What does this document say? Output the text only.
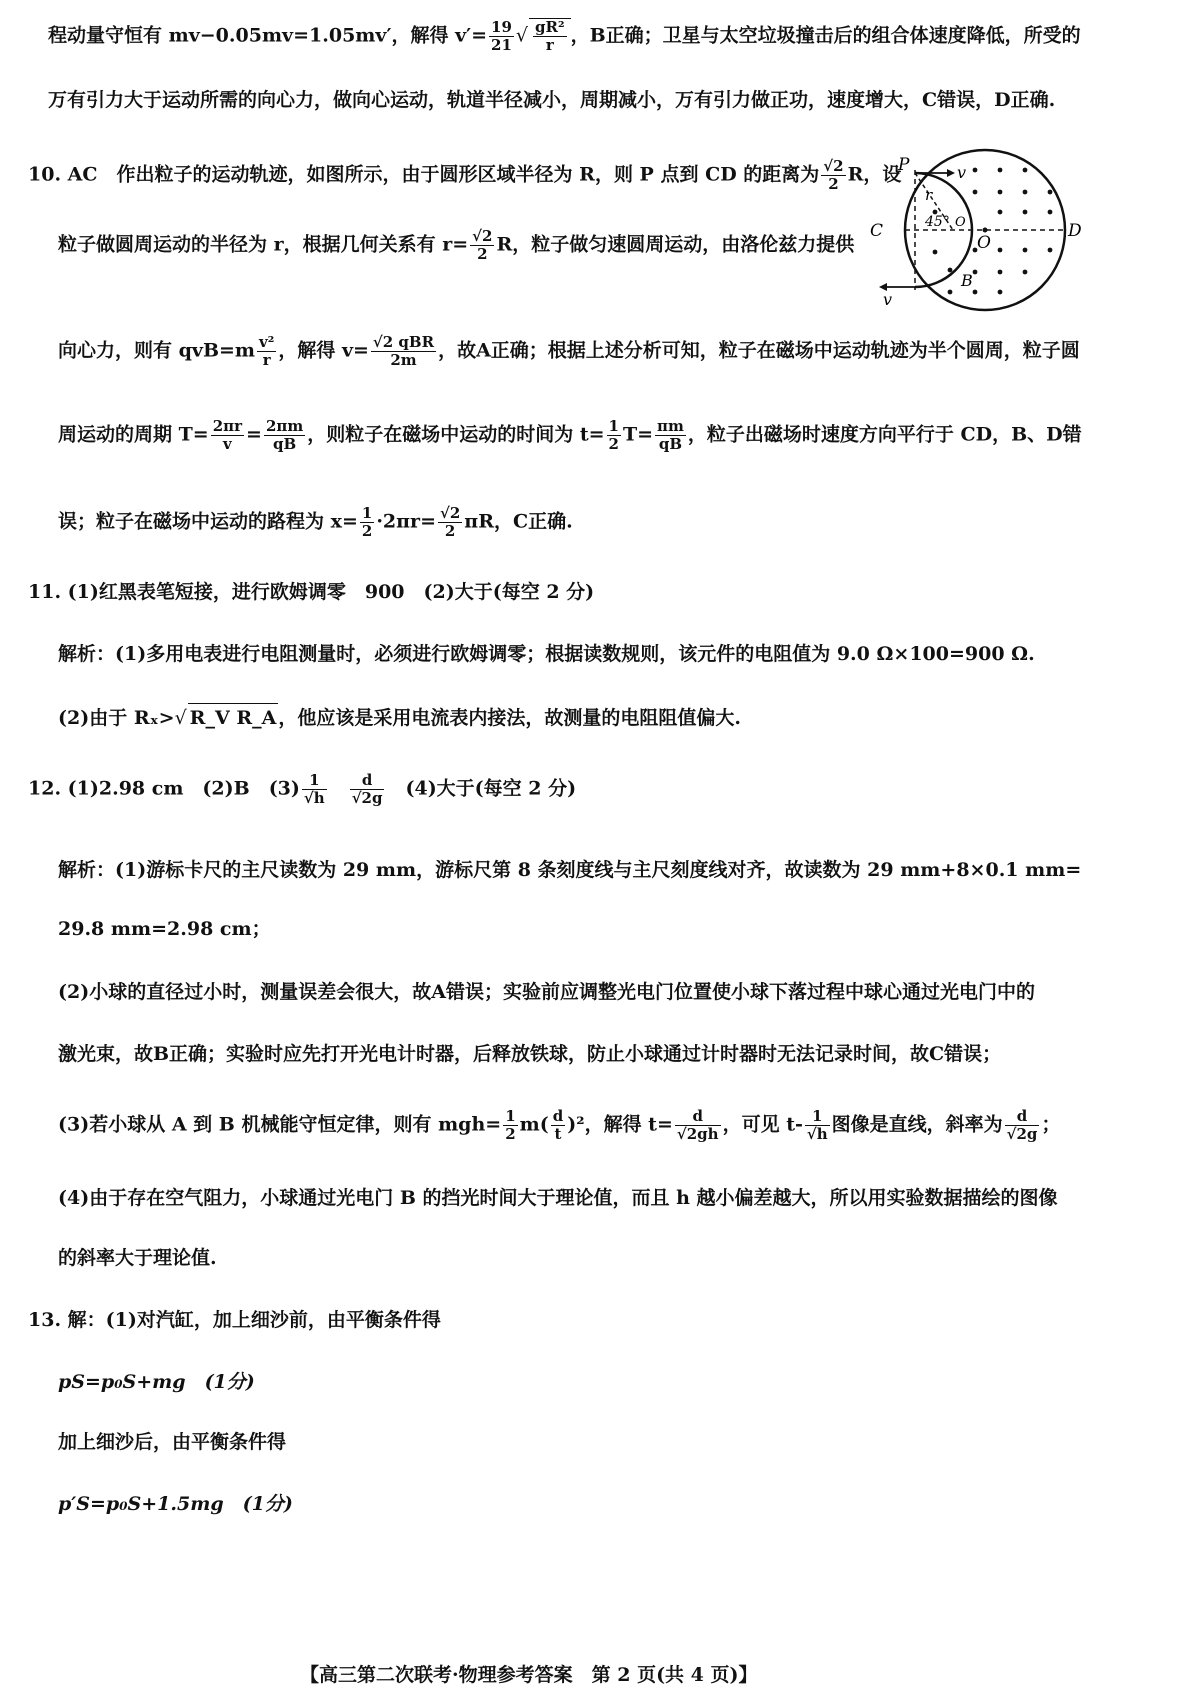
程动量守恒有 mv−0.05mv=1.05mv′，解得 $v'= \frac{19}{21}$ √ $\frac{\text{gR²}}{r}$ ，B正确；卫星与太空垃圾撞击后的组合体速度降低，所受的
万有引力大于运动所需的向心力，做向心运动，轨道半径减小，周期减小，万有引力做正功，速度增大，C错误，D正确.
10. AC　作出粒子的运动轨迹，如图所示，由于圆形区域半径为 R，则 P 点到 CD 的距离为 $\frac{√2}{2}$ R，设
粒子做圆周运动的半径为 r，根据几何关系有 $r= \frac{√2}{2}$ R，粒子做匀速圆周运动，由洛伦兹力提供
向心力，则有 $qvB=m \frac{\text{v²}}{r}$ ，解得 $v= \frac{\text{√2 qBR}}{2m}$ ，故A正确；根据上述分析可知，粒子在磁场中运动轨迹为半个圆周，粒子圆
周运动的周期 $T= \frac{2\pi r}{v} = \frac{2\pi m}{qB}$ ，则粒子在磁场中运动的时间为 $t= \frac{1}{2} T= \frac{\pi m}{qB}$ ，粒子出磁场时速度方向平行于 CD，B、D错
误；粒子在磁场中运动的路程为 $x= \frac{1}{2} \cdot 2\pi r= \frac{√2}{2}$ πR，C正确.
P
C	D
O
B
v
v
r
45° O
11. (1)红黑表笔短接，进行欧姆调零　900　(2)大于(每空 2 分)
解析：(1)多用电表进行电阻测量时，必须进行欧姆调零；根据读数规则，该元件的电阻值为 9.0 Ω×100=900 Ω.
(2)由于 Rₓ>√ R_V R_A ，他应该是采用电流表内接法，故测量的电阻阻值偏大.
12. (1)2.98 cm　(2)B　$(3) \frac{1}{√h}$
　 $\frac{d}{√2g}$ 　(4)大于(每空 2 分)
解析：(1)游标卡尺的主尺读数为 29 mm，游标尺第 8 条刻度线与主尺刻度线对齐，故读数为 29 mm+8×0.1 mm=
29.8 mm=2.98 cm；
(2)小球的直径过小时，测量误差会很大，故A错误；实验前应调整光电门位置使小球下落过程中球心通过光电门中的
激光束，故B正确；实验时应先打开光电计时器，后释放铁球，防止小球通过计时器时无法记录时间，故C错误；
(3)若小球从 A 到 B 机械能守恒定律，则有 $mgh= \frac{1}{2} m( \frac{d}{t} )^2$，解得 $t= \frac{d}{√2gh}$ ，可见 $t- \frac{1}{√h}$ 图像是直线，斜率为 $\frac{d}{√2g}$ ；
(4)由于存在空气阻力，小球通过光电门 B 的挡光时间大于理论值，而且 h 越小偏差越大，所以用实验数据描绘的图像
的斜率大于理论值.
13. 解：(1)对汽缸，加上细沙前，由平衡条件得
pS=p₀S+mg　(1分)
加上细沙后，由平衡条件得
p′S=p₀S+1.5mg　(1分)
【高三第二次联考·物理参考答案　第 2 页(共 4 页)】
